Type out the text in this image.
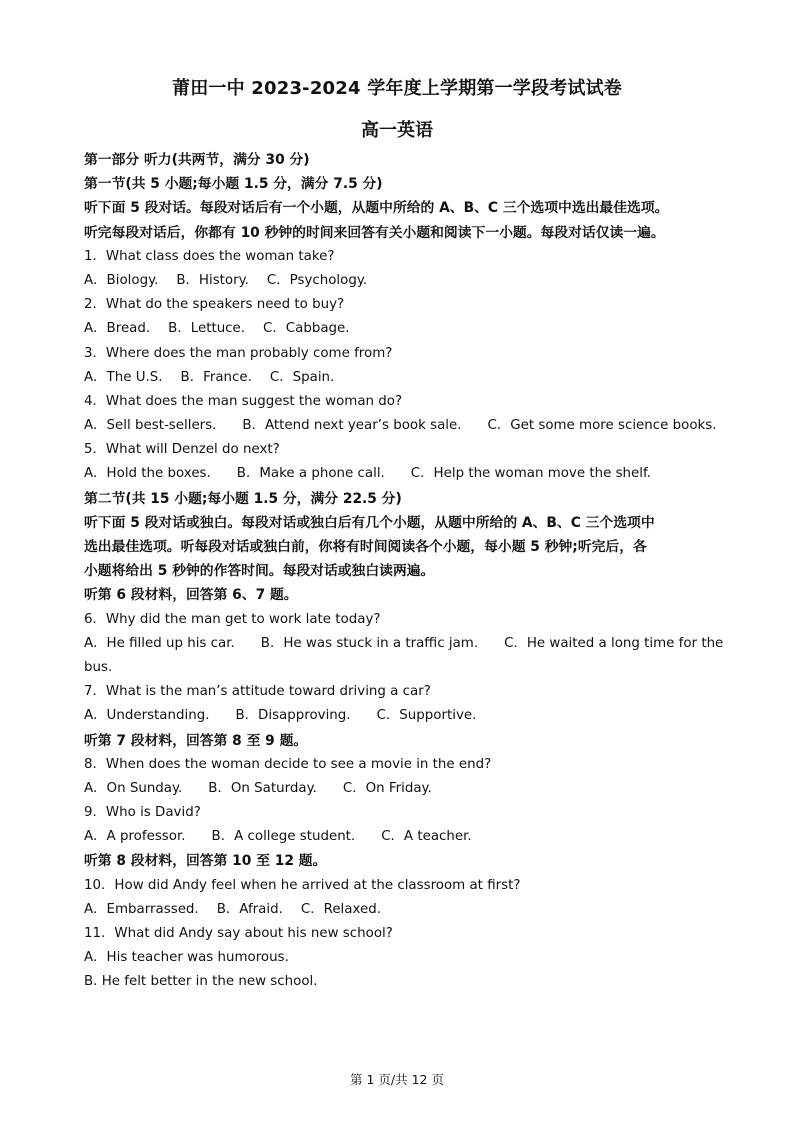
莆田一中 2023-2024 学年度上学期第一学段考试试卷
高一英语
第一部分 听力(共两节，满分 30 分)
第一节(共 5 小题;每小题 1.5 分，满分 7.5 分)
听下面 5 段对话。每段对话后有一个小题，从题中所给的 A、B、C 三个选项中选出最佳选项。
听完每段对话后，你都有 10 秒钟的时间来回答有关小题和阅读下一小题。每段对话仅读一遍。
1．What class does the woman take?
A．Biology. B．History. C．Psychology.
2．What do the speakers need to buy?
A．Bread. B．Lettuce. C．Cabbage.
3．Where does the man probably come from?
A．The U.S. B．France. C．Spain.
4．What does the man suggest the woman do?
A．Sell best-sellers. B．Attend next year’s book sale. C．Get some more science books.
5．What will Denzel do next?
A．Hold the boxes. B．Make a phone call. C．Help the woman move the shelf.
第二节(共 15 小题;每小题 1.5 分，满分 22.5 分)
听下面 5 段对话或独白。每段对话或独白后有几个小题，从题中所给的 A、B、C 三个选项中
选出最佳选项。听每段对话或独白前，你将有时间阅读各个小题，每小题 5 秒钟;听完后，各
小题将给出 5 秒钟的作答时间。每段对话或独白读两遍。
听第 6 段材料，回答第 6、7 题。
6．Why did the man get to work late today?
A．He filled up his car. B．He was stuck in a traffic jam. C．He waited a long time for the
bus.
7．What is the man’s attitude toward driving a car?
A．Understanding. B．Disapproving. C．Supportive.
听第 7 段材料，回答第 8 至 9 题。
8．When does the woman decide to see a movie in the end?
A．On Sunday. B．On Saturday. C．On Friday.
9．Who is David?
A．A professor. B．A college student. C．A teacher.
听第 8 段材料，回答第 10 至 12 题。
10．How did Andy feel when he arrived at the classroom at first?
A．Embarrassed. B．Afraid. C．Relaxed.
11．What did Andy say about his new school?
A．His teacher was humorous.
B. He felt better in the new school.
第 1 页/共 12 页
